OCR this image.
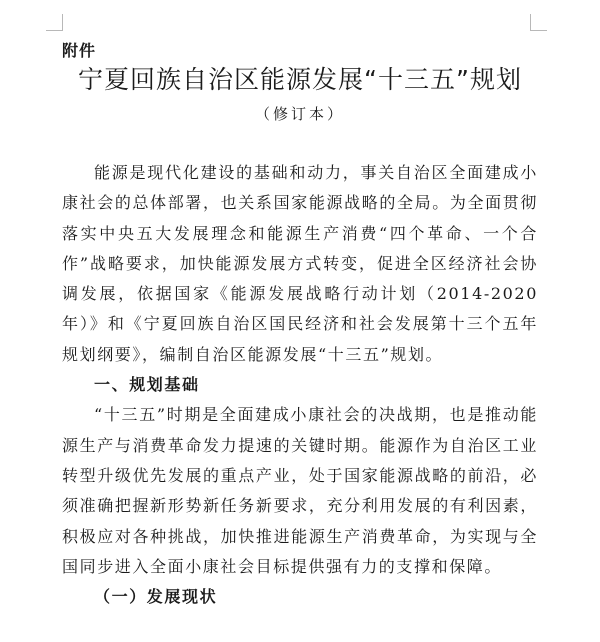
附件
宁夏回族自治区能源发展“十三五”规划
（修订本）

能源是现代化建设的基础和动力，事关自治区全面建成小康社会的总体部署，也关系国家能源战略的全局。为全面贯彻落实中央五大发展理念和能源生产消费“四个革命、一个合作”战略要求，加快能源发展方式转变，促进全区经济社会协调发展，依据国家《能源发展战略行动计划（2014-2020年）》和《宁夏回族自治区国民经济和社会发展第十三个五年规划纲要》，编制自治区能源发展“十三五”规划。

一、规划基础

“十三五”时期是全面建成小康社会的决战期，也是推动能源生产与消费革命发力提速的关键时期。能源作为自治区工业转型升级优先发展的重点产业，处于国家能源战略的前沿，必须准确把握新形势新任务新要求，充分利用发展的有利因素，积极应对各种挑战，加快推进能源生产消费革命，为实现与全国同步进入全面小康社会目标提供强有力的支撑和保障。

（一）发展现状
